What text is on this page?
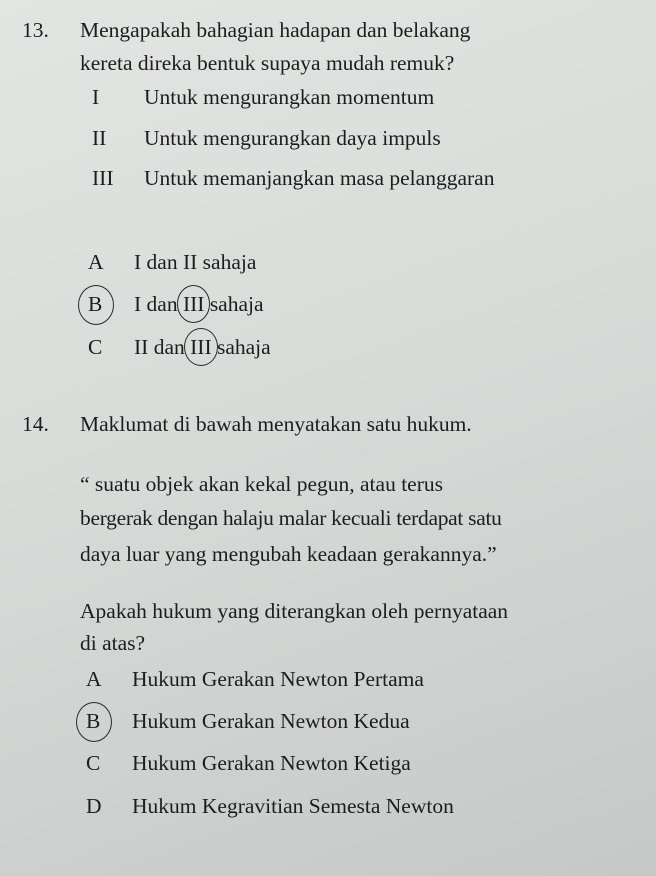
13. Mengapakah bahagian hadapan dan belakang
kereta direka bentuk supaya mudah remuk?
I Untuk mengurangkan momentum
II Untuk mengurangkan daya impuls
III Untuk memanjangkan masa pelanggaran
A I dan II sahaja
B I dan III sahaja
C II dan III sahaja
14. Maklumat di bawah menyatakan satu hukum.
“ suatu objek akan kekal pegun, atau terus
bergerak dengan halaju malar kecuali terdapat satu
daya luar yang mengubah keadaan gerakannya.”
Apakah hukum yang diterangkan oleh pernyataan
di atas?
A Hukum Gerakan Newton Pertama
B Hukum Gerakan Newton Kedua
C Hukum Gerakan Newton Ketiga
D Hukum Kegravitian Semesta Newton
